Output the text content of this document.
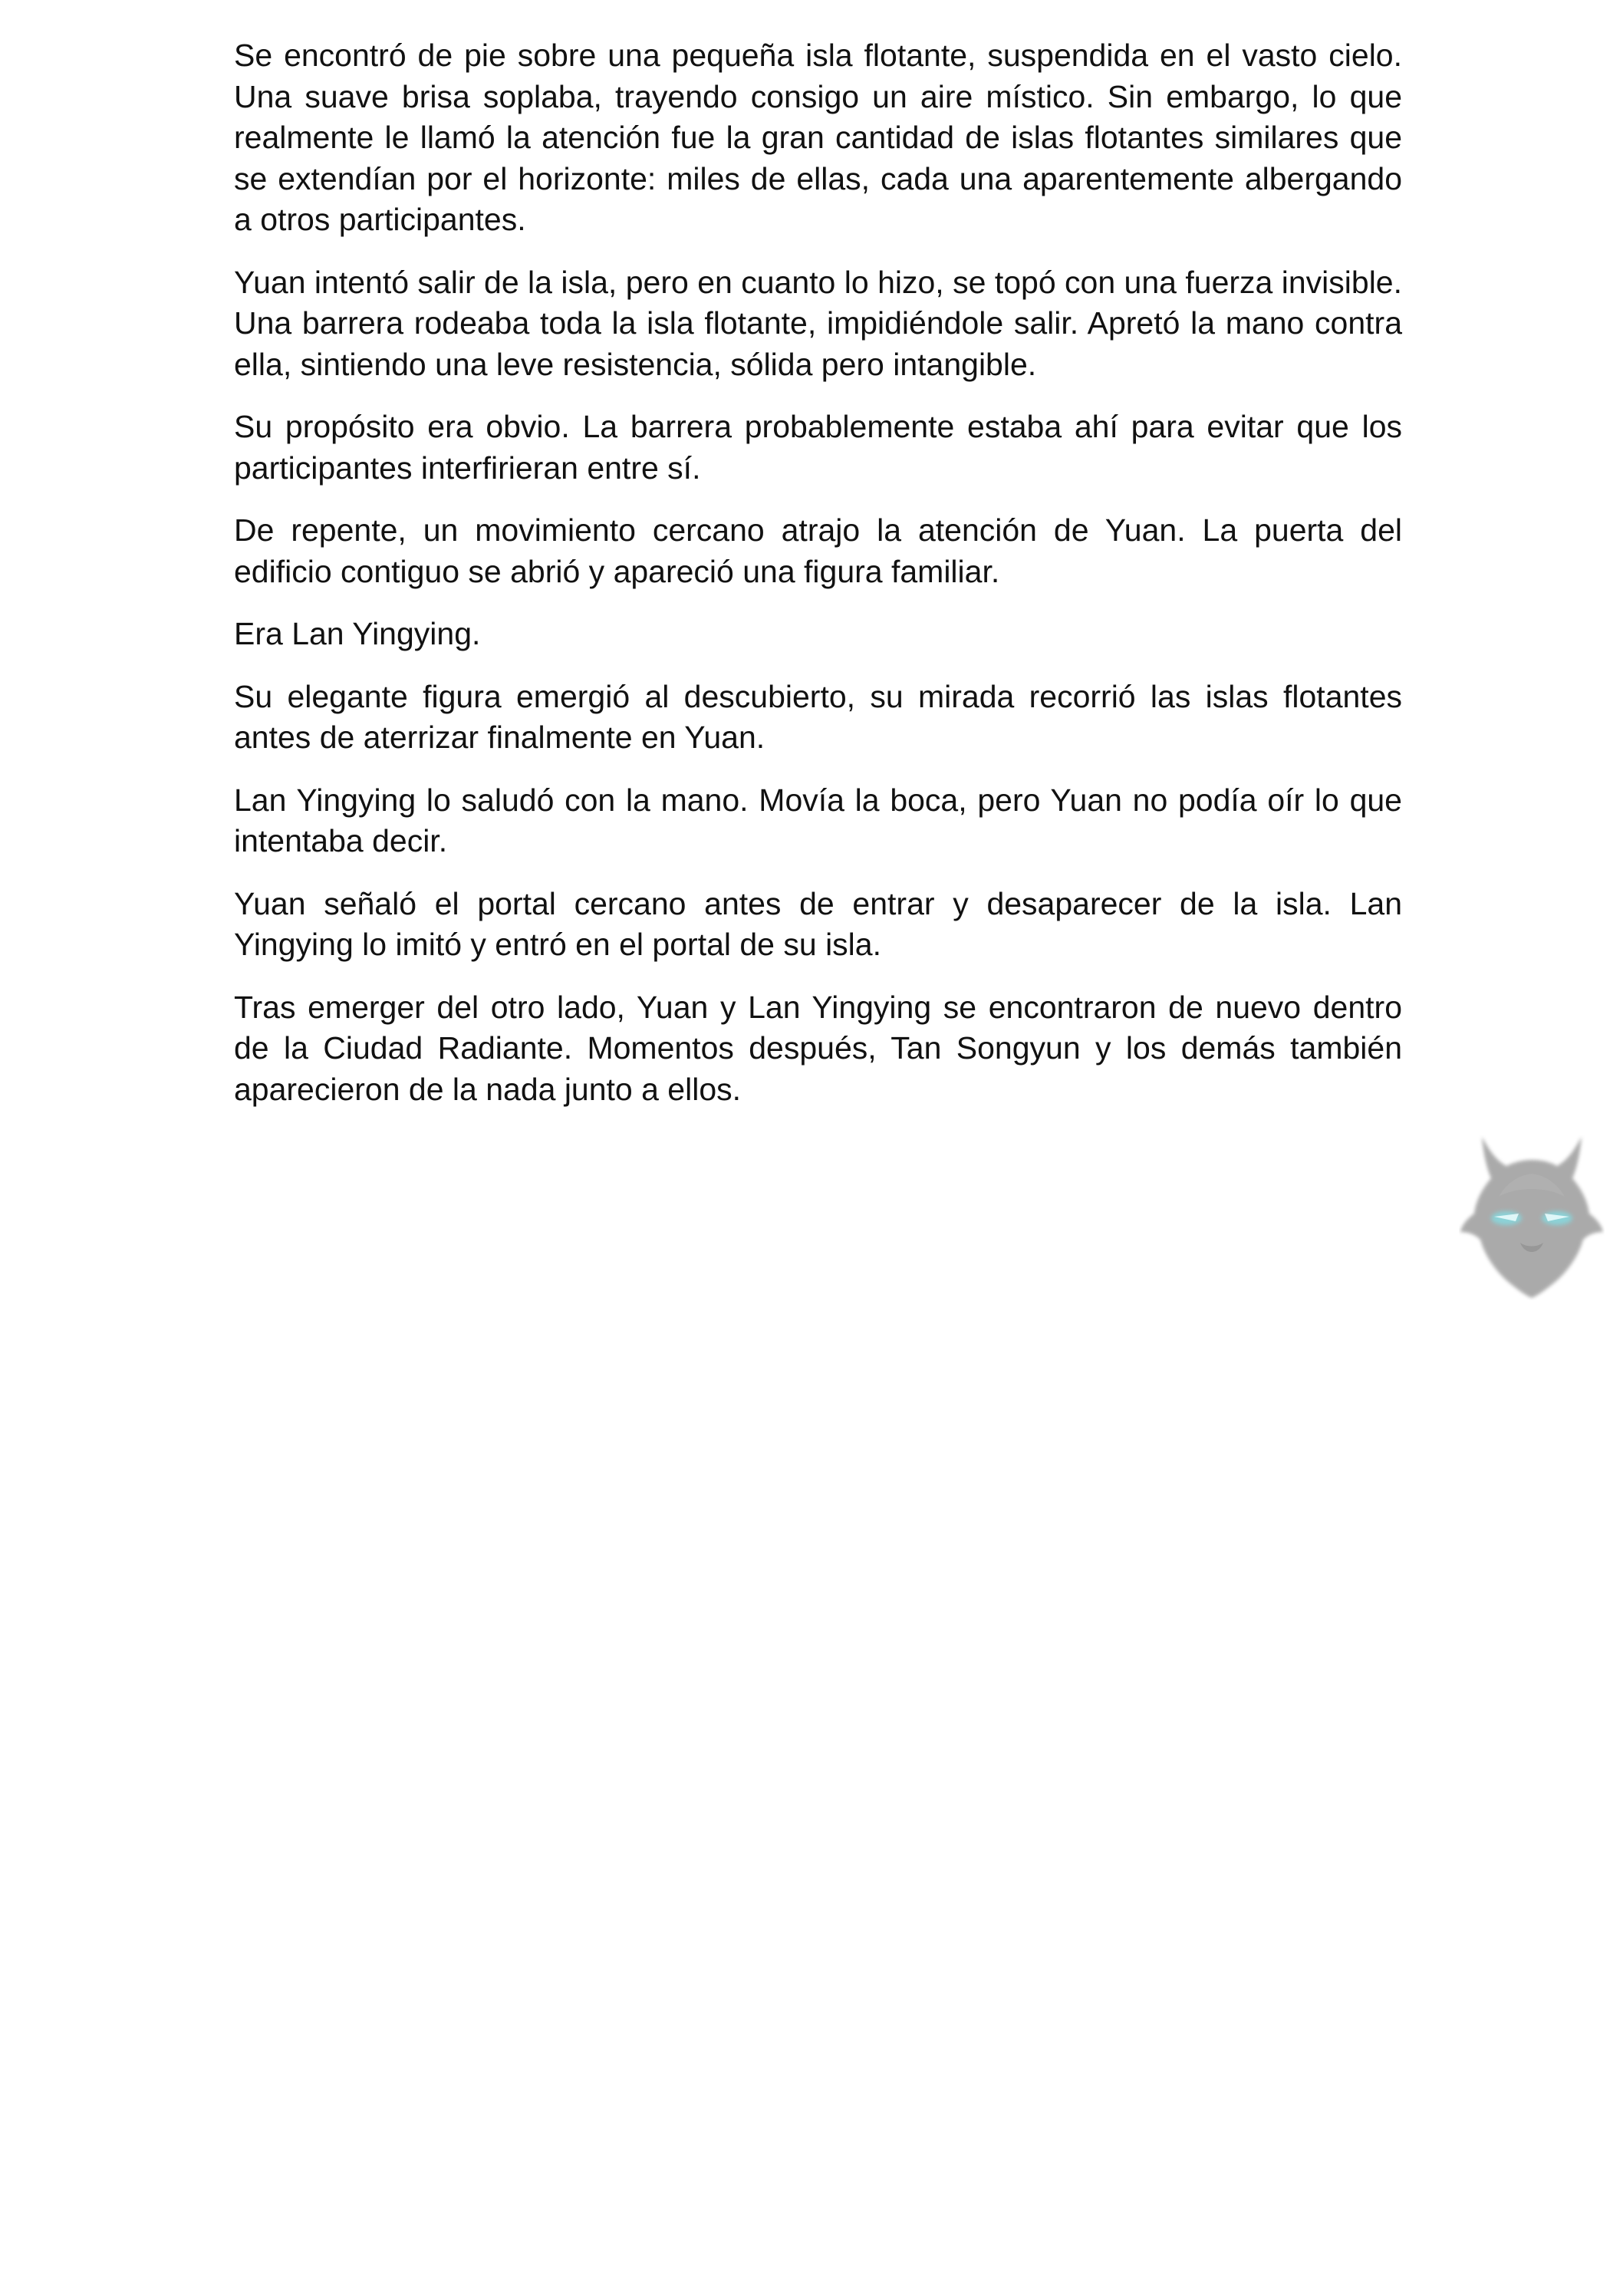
Se encontró de pie sobre una pequeña isla flotante, suspendida en el vasto cielo. Una suave brisa soplaba, trayendo consigo un aire místico. Sin embargo, lo que realmente le llamó la atención fue la gran cantidad de islas flotantes similares que se extendían por el horizonte: miles de ellas, cada una aparentemente albergando a otros participantes.

Yuan intentó salir de la isla, pero en cuanto lo hizo, se topó con una fuerza invisible. Una barrera rodeaba toda la isla flotante, impidiéndole salir. Apretó la mano contra ella, sintiendo una leve resistencia, sólida pero intangible.

Su propósito era obvio. La barrera probablemente estaba ahí para evitar que los participantes interfirieran entre sí.

De repente, un movimiento cercano atrajo la atención de Yuan. La puerta del edificio contiguo se abrió y apareció una figura familiar.

Era Lan Yingying.

Su elegante figura emergió al descubierto, su mirada recorrió las islas flotantes antes de aterrizar finalmente en Yuan.

Lan Yingying lo saludó con la mano. Movía la boca, pero Yuan no podía oír lo que intentaba decir.

Yuan señaló el portal cercano antes de entrar y desaparecer de la isla. Lan Yingying lo imitó y entró en el portal de su isla.

Tras emerger del otro lado, Yuan y Lan Yingying se encontraron de nuevo dentro de la Ciudad Radiante. Momentos después, Tan Songyun y los demás también aparecieron de la nada junto a ellos.
